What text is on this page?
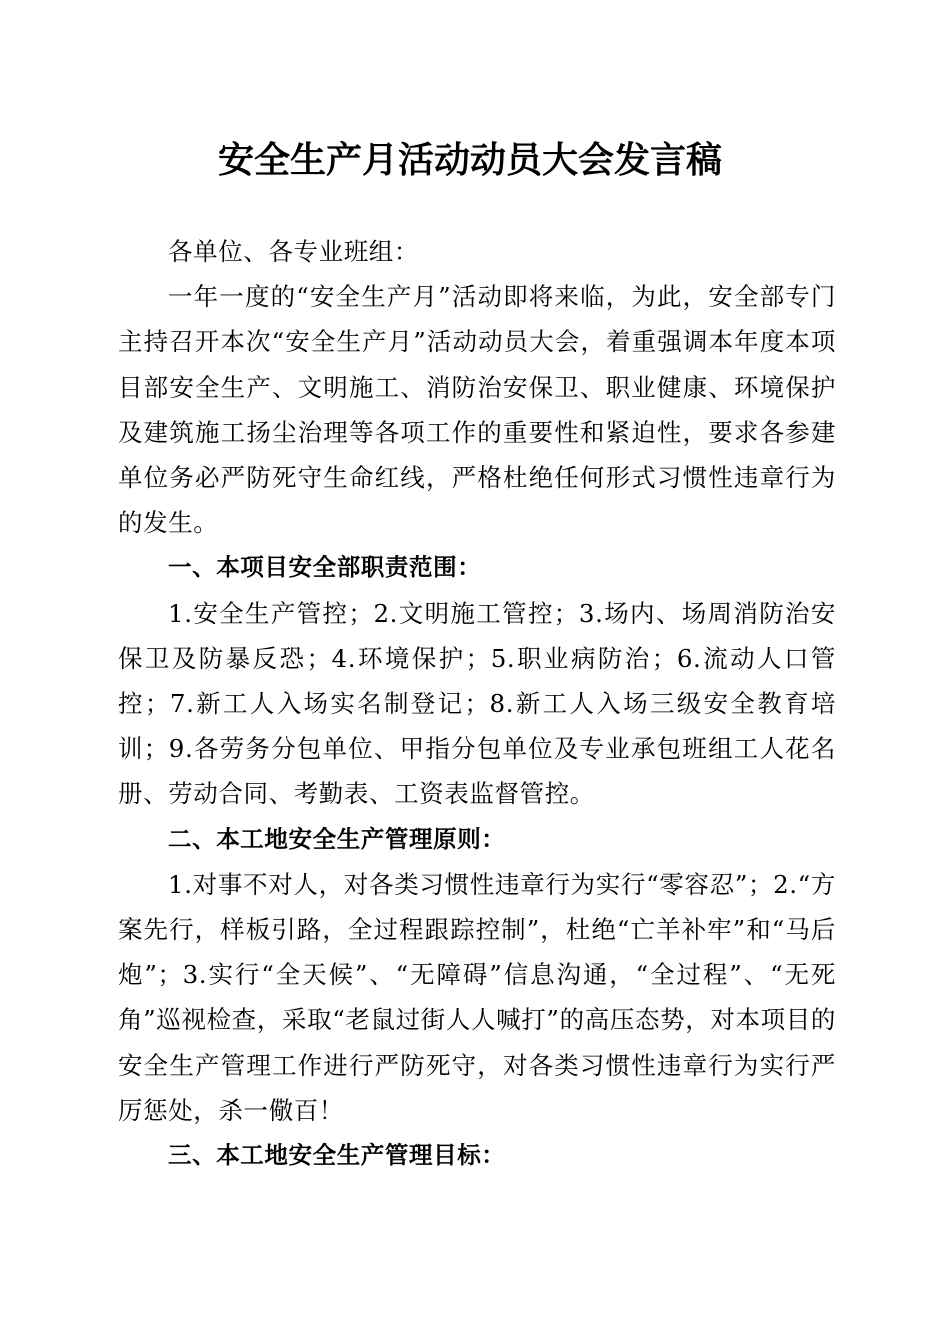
安全生产月活动动员大会发言稿

各单位、各专业班组：

一年一度的“安全生产月”活动即将来临，为此，安全部专门主持召开本次“安全生产月”活动动员大会，着重强调本年度本项目部安全生产、文明施工、消防治安保卫、职业健康、环境保护及建筑施工扬尘治理等各项工作的重要性和紧迫性，要求各参建单位务必严防死守生命红线，严格杜绝任何形式习惯性违章行为的发生。

一、本项目安全部职责范围：

1.安全生产管控；2.文明施工管控；3.场内、场周消防治安保卫及防暴反恐；4.环境保护；5.职业病防治；6.流动人口管控；7.新工人入场实名制登记；8.新工人入场三级安全教育培训；9.各劳务分包单位、甲指分包单位及专业承包班组工人花名册、劳动合同、考勤表、工资表监督管控。

二、本工地安全生产管理原则：

1.对事不对人，对各类习惯性违章行为实行“零容忍”；2.“方案先行，样板引路，全过程跟踪控制”，杜绝“亡羊补牢”和“马后炮”；3.实行“全天候”、“无障碍”信息沟通，“全过程”、“无死角”巡视检查，采取“老鼠过街人人喊打”的高压态势，对本项目的安全生产管理工作进行严防死守，对各类习惯性违章行为实行严厉惩处，杀一儆百！

三、本工地安全生产管理目标：
